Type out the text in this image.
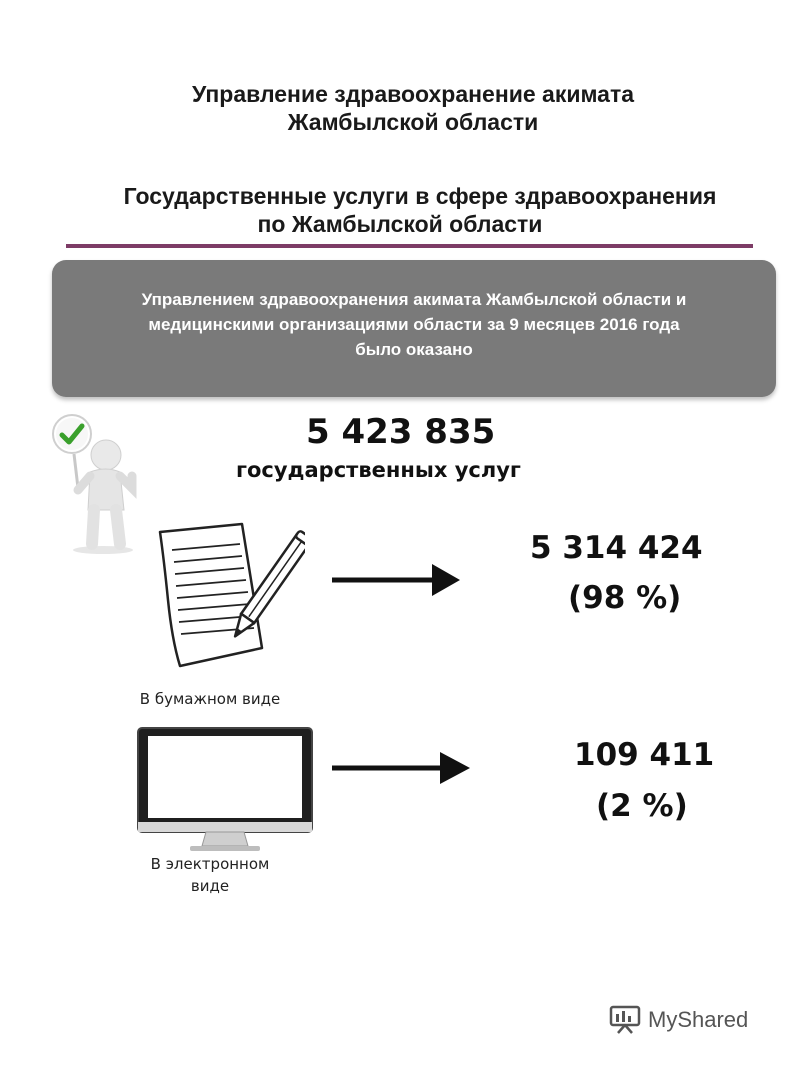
Управление здравоохранение акимата
Жамбылской области
Государственные услуги в сфере здравоохранения
по Жамбылской области
Управлением здравоохранения акимата Жамбылской области и
медицинскими организациями области за 9 месяцев 2016 года
было оказано
5 423 835
государственных услуг
В бумажном виде
5 314 424
(98 %)
В электронном
виде
109 411
(2 %)
MyShared
